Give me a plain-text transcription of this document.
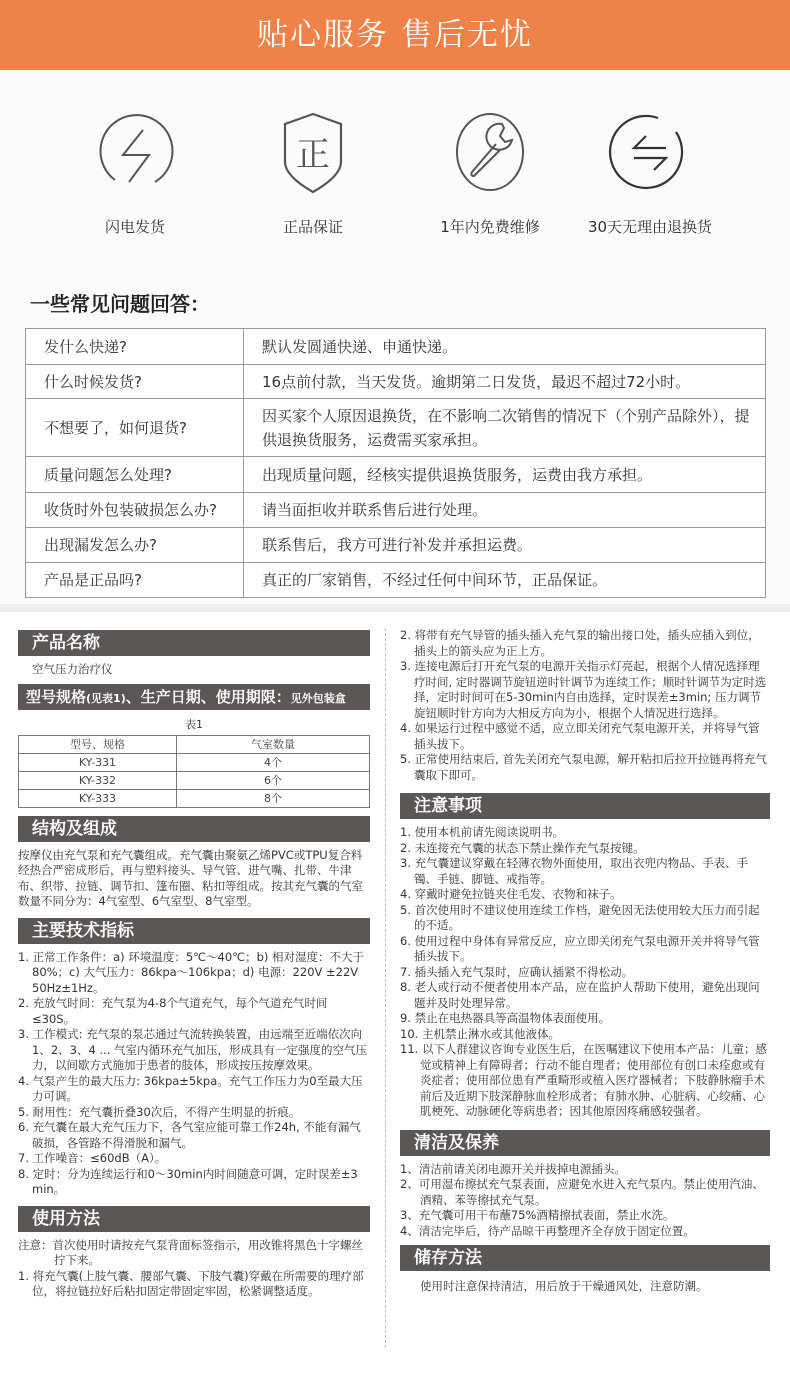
贴心服务 售后无忧
闪电发货
正
正品保证	1年内免费维修	30天无理由退换货
一些常见问题回答：
发什么快递?	默认发圆通快递、申通快递。
什么时候发货?	16点前付款，当天发货。逾期第二日发货，最迟不超过72小时。
不想要了，如何退货?	因买家个人原因退换货，在不影响二次销售的情况下（个别产品除外），提供退换货服务，运费需买家承担。
质量问题怎么处理?	出现质量问题，经核实提供退换货服务，运费由我方承担。
收货时外包装破损怎么办?	请当面拒收并联系售后进行处理。
出现漏发怎么办?	联系售后，我方可进行补发并承担运费。
产品是正品吗?	真正的厂家销售，不经过任何中间环节，正品保证。
产品名称
空气压力治疗仪
型号规格(见表1)、生产日期、使用期限：见外包装盒
表1
型号、规格	气室数量
KY-331	4个
KY-332	6个
KY-333	8个
结构及组成
按摩仪由充气泵和充气囊组成。充气囊由聚氨乙烯PVC或TPU复合料经热合严密成形后，再与塑料接头、导气管、进气嘴、扎带、牛津布、织带、拉链、调节扣、篷布圈、粘扣等组成。按其充气囊的气室数量不同分为：4气室型、6气室型、8气室型。
主要技术指标
1. 正常工作条件：a) 环境温度：5℃～40℃；b) 相对湿度：不大于80%；c) 大气压力：86kpa～106kpa；d) 电源：220V ±22V 50Hz±1Hz。
2. 充放气时间：充气泵为4-8个气道充气，每个气道充气时间≤30S。
3. 工作模式: 充气泵的泵芯通过气流转换装置，由远端至近端依次向1、2、3、4 ... 气室内循环充气加压，形成具有一定强度的空气压力，以间歇方式施加于患者的肢体，形成按压按摩效果。
4. 气泵产生的最大压力: 36kpa±5kpa。充气工作压力为0至最大压力可调。
5. 耐用性：充气囊折叠30次后，不得产生明显的折痕。
6. 充气囊在最大充气压力下，各气室应能可靠工作24h, 不能有漏气破损，各管路不得滑脱和漏气。
7. 工作噪音：≤60dB（A）。
8. 定时：分为连续运行和0～30min内时间随意可调，定时误差±3 min。
使用方法
注意：首次使用时请按充气泵背面标签指示，用改锥将黑色十字螺丝拧下来。
1. 将充气囊(上肢气囊、腰部气囊、下肢气囊)穿戴在所需要的理疗部位，将拉链拉好后粘扣固定带固定牢固，松紧调整适度。
2. 将带有充气导管的插头插入充气泵的输出接口处，插头应插入到位，插头上的箭头应为正上方。
3. 连接电源后打开充气泵的电源开关指示灯亮起，根据个人情况选择理疗时间, 定时器调节旋钮逆时针调节为连续工作；顺时针调节为定时选择，定时时间可在5-30min内自由选择，定时误差±3min; 压力调节旋钮顺时针方向为大相反方向为小，根据个人情况进行选择。
4. 如果运行过程中感觉不适，应立即关闭充气泵电源开关，并将导气管插头拔下。
5. 正常使用结束后, 首先关闭充气泵电源，解开粘扣后拉开拉链再将充气囊取下即可。
注意事项
1. 使用本机前请先阅读说明书。
2. 未连接充气囊的状态下禁止操作充气泵按键。
3. 充气囊建议穿戴在轻薄衣物外面使用，取出衣兜内物品、手表、手镯、手链、脚链、戒指等。
4. 穿戴时避免拉链夹住毛发、衣物和袜子。
5. 首次使用时不建议使用连续工作档，避免因无法使用较大压力而引起的不适。
6. 使用过程中身体有异常反应，应立即关闭充气泵电源开关并将导气管插头拔下。
7. 插头插入充气泵时，应确认插紧不得松动。
8. 老人或行动不便者使用本产品，应在监护人帮助下使用，避免出现问题并及时处理异常。
9. 禁止在电热器具等高温物体表面使用。
10. 主机禁止淋水或其他液体。
11. 以下人群建议咨询专业医生后，在医嘱建议下使用本产品：儿童；感觉或精神上有障碍者；行动不能自理者；使用部位有创口未痊愈或有炎症者；使用部位患有严重畸形或植入医疗器械者；下肢静脉瘤手术前后及近期下肢深静脉血栓形成者；有肺水肿、心脏病、心绞痛、心肌梗死、动脉硬化等病患者；因其他原因疼痛感较强者。
清洁及保养
1、清洁前请关闭电源开关并拔掉电源插头。
2、可用湿布擦拭充气泵表面，应避免水进入充气泵内。禁止使用汽油、酒精、苯等擦拭充气泵。
3、充气囊可用干布蘸75%酒精擦拭表面，禁止水洗。
4、清洁完毕后，待产品晾干再整理齐全存放于固定位置。
储存方法
使用时注意保持清洁，用后放于干燥通风处，注意防潮。
